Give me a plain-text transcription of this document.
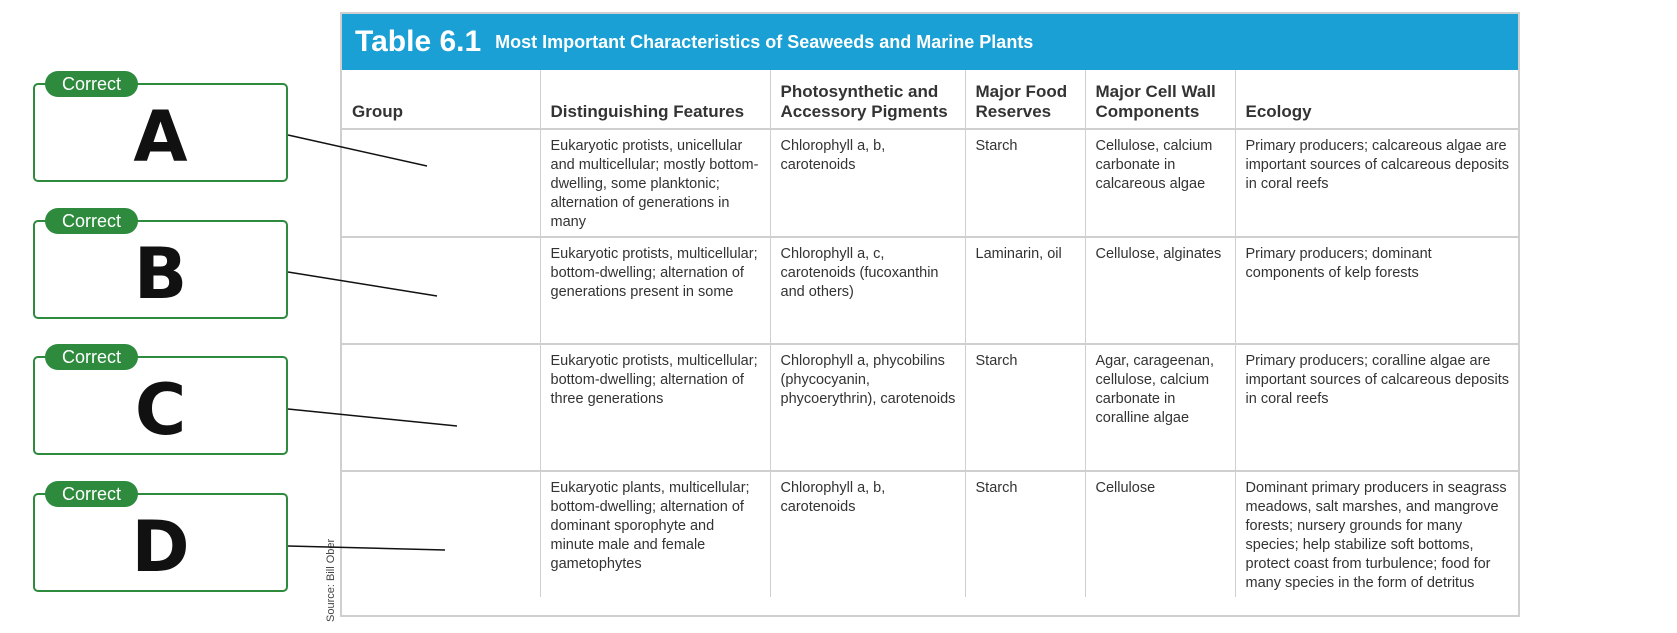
Correct
A
Correct
B
Correct
C
Correct
D
Table 6.1 Most Important Characteristics of Seaweeds and Marine Plants
Group	Distinguishing Features	Photosynthetic and Accessory Pigments	Major Food Reserves	Major Cell Wall Components	Ecology
	Eukaryotic protists, unicellular and multicellular; mostly bottom-dwelling, some planktonic; alternation of generations in many	Chlorophyll a, b, carotenoids	Starch	Cellulose, calcium carbonate in calcareous algae	Primary producers; calcareous algae are important sources of calcareous deposits in coral reefs
	Eukaryotic protists, multicellular; bottom-dwelling; alternation of generations present in some	Chlorophyll a, c, carotenoids (fucoxanthin and others)	Laminarin, oil	Cellulose, alginates	Primary producers; dominant components of kelp forests
	Eukaryotic protists, multicellular; bottom-dwelling; alternation of three generations	Chlorophyll a, phycobilins (phycocyanin, phycoerythrin), carotenoids	Starch	Agar, carageenan, cellulose, calcium carbonate in coralline algae	Primary producers; coralline algae are important sources of calcareous deposits in coral reefs
	Eukaryotic plants, multicellular; bottom-dwelling; alternation of dominant sporophyte and minute male and female gametophytes	Chlorophyll a, b, carotenoids	Starch	Cellulose	Dominant primary producers in seagrass meadows, salt marshes, and mangrove forests; nursery grounds for many species; help stabilize soft bottoms, protect coast from turbulence; food for many species in the form of detritus
Source: Bill Ober
